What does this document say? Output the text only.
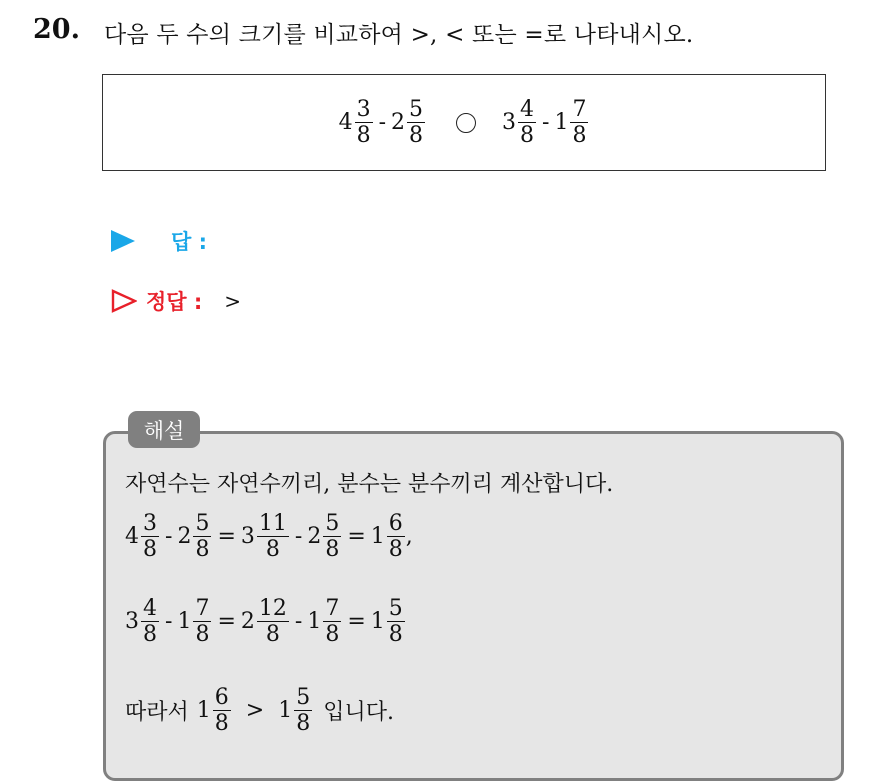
20. 다음 두 수의 크기를 비교하여 >, < 또는 =로 나타내시오.
$4 \frac{3}{8} - 2 \frac{5}{8}$	$3 \frac{4}{8} - 1 \frac{7}{8}$
답 :
정답 : >
해설
자연수는 자연수끼리, 분수는 분수끼리 계산합니다.
$4 \frac{3}{8} - 2 \frac{5}{8} = 3 \frac{11}{8} - 2 \frac{5}{8} = 1 \frac{6}{8}$ ,
$3 \frac{4}{8} - 1 \frac{7}{8} = 2 \frac{12}{8} - 1 \frac{7}{8} = 1 \frac{5}{8}$
따라서 $1 \frac{6}{8} > 1 \frac{5}{8}$ 입니다.
